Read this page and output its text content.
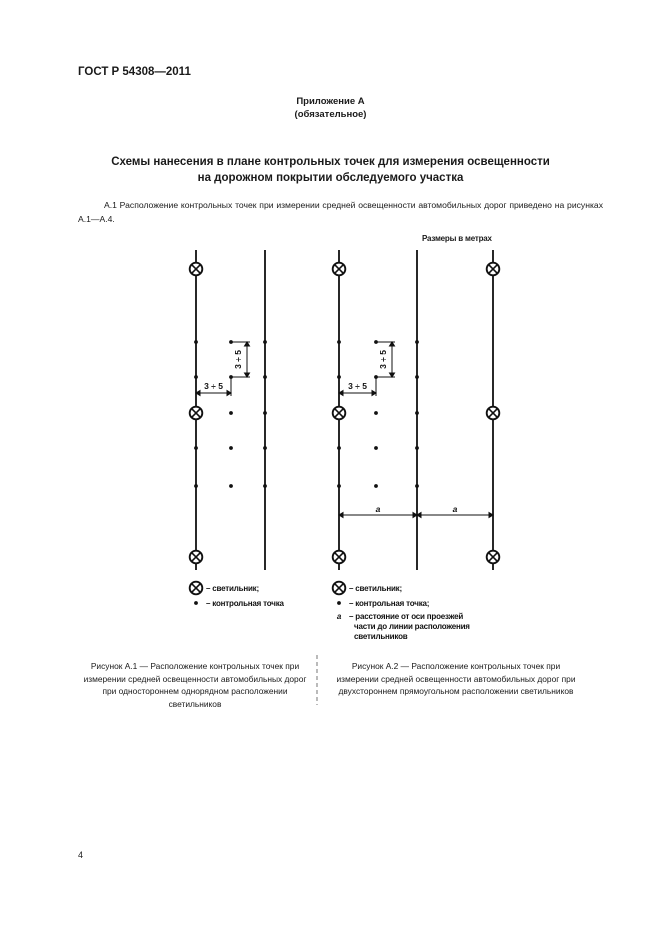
ГОСТ Р 54308—2011
Приложение А
(обязательное)
Схемы нанесения в плане контрольных точек для измерения освещенности
на дорожном покрытии обследуемого участка
А.1 Расположение контрольных точек при измерении средней освещенности автомобильных дорог приведено на рисунках А.1—А.4.
Размеры в метрах
3 ÷ 5
3 ÷ 5
– светильник;
– контрольная точка
3 ÷ 5
3 ÷ 5
a	a
– светильник;
– контрольная точка;
a – расстояние от оси проезжей
части до линии расположения
светильников
Рисунок А.1 — Расположение контрольных точек при измерении средней освещенности автомобильных дорог при одностороннем однорядном расположении светильников
Рисунок А.2 — Расположение контрольных точек при измерении средней освещенности автомобильных дорог при двухстороннем прямоугольном расположении светильников
4
